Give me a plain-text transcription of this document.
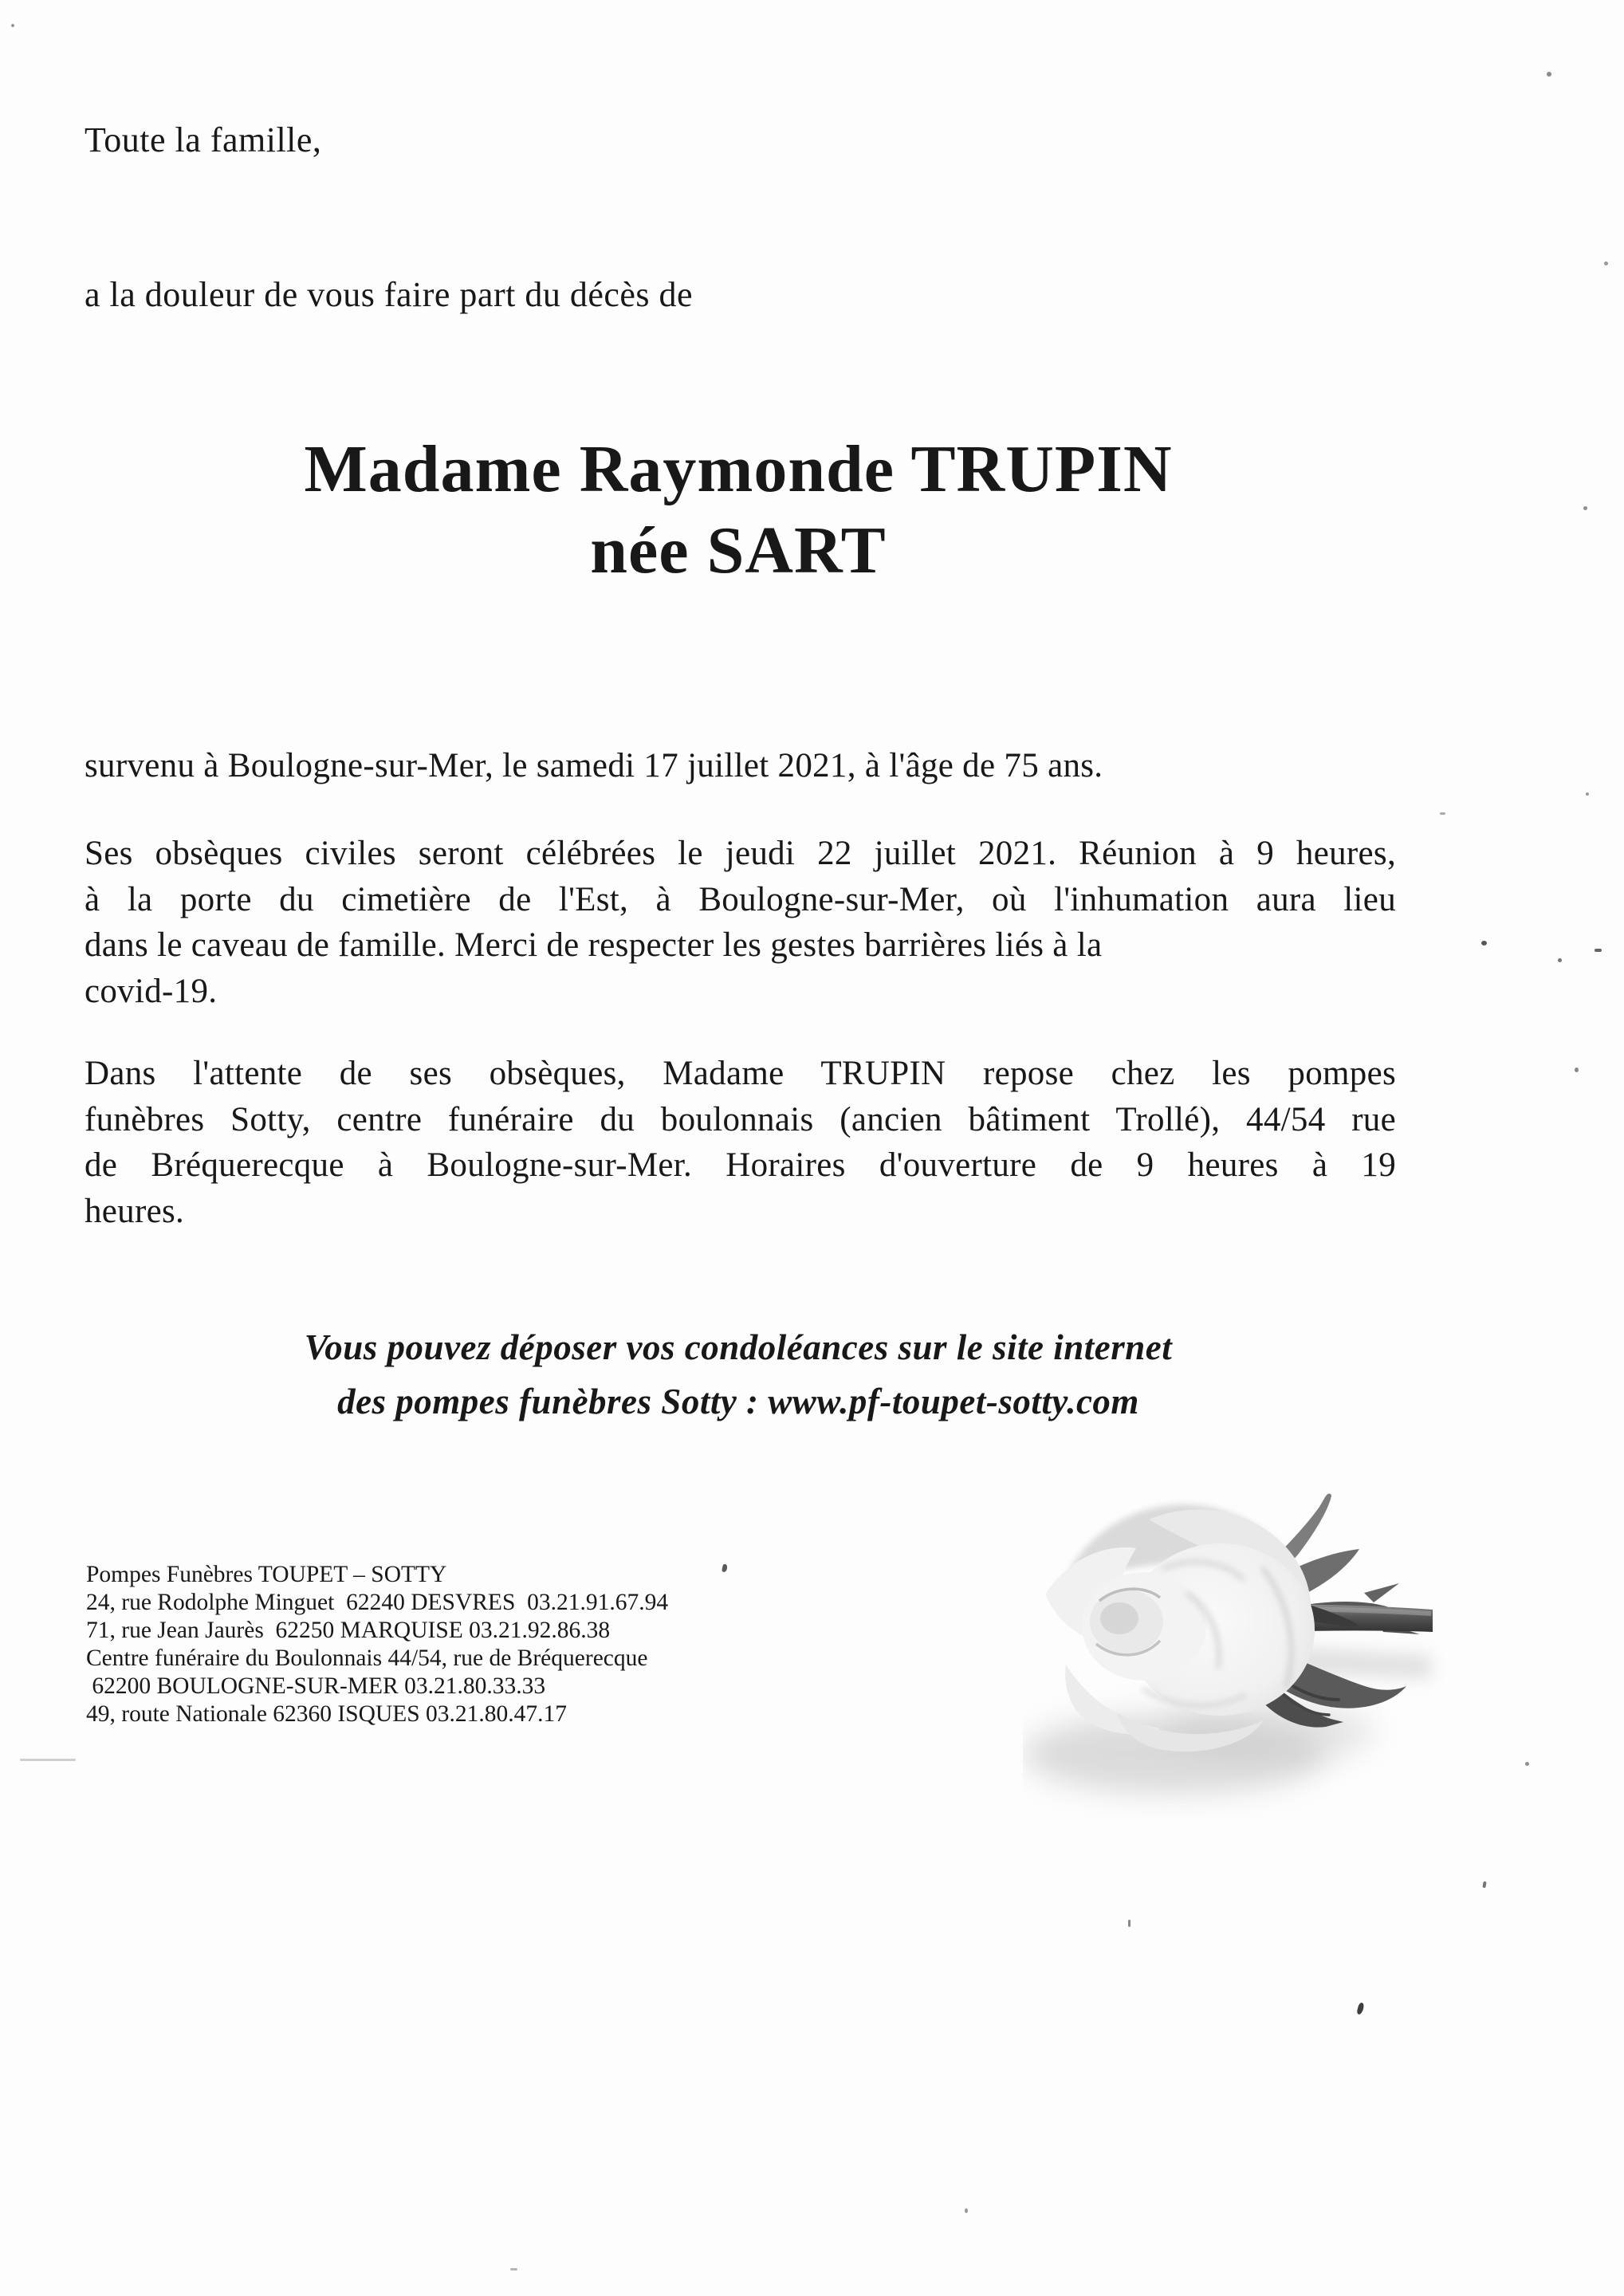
Toute la famille,

a la douleur de vous faire part du décès de

Madame Raymonde TRUPIN
née SART

survenu à Boulogne-sur-Mer, le samedi 17 juillet 2021, à l'âge de 75 ans.

Ses obsèques civiles seront célébrées le jeudi 22 juillet 2021. Réunion à 9 heures,
à la porte du cimetière de l'Est, à Boulogne-sur-Mer, où l'inhumation aura lieu
dans le caveau de famille. Merci de respecter les gestes barrières liés à la
covid-19.
Dans l'attente de ses obsèques, Madame TRUPIN repose chez les pompes
funèbres Sotty, centre funéraire du boulonnais (ancien bâtiment Trollé), 44/54 rue
de Bréquerecque à Boulogne-sur-Mer. Horaires d'ouverture de 9 heures à 19
heures.

Vous pouvez déposer vos condoléances sur le site internet

des pompes funèbres Sotty : www.pf-toupet-sotty.com

Pompes Funèbres TOUPET – SOTTY

24, rue Rodolphe Minguet  62240 DESVRES  03.21.91.67.94

71, rue Jean Jaurès  62250 MARQUISE 03.21.92.86.38

Centre funéraire du Boulonnais 44/54, rue de Bréquerecque

62200 BOULOGNE-SUR-MER 03.21.80.33.33

49, route Nationale 62360 ISQUES 03.21.80.47.17
